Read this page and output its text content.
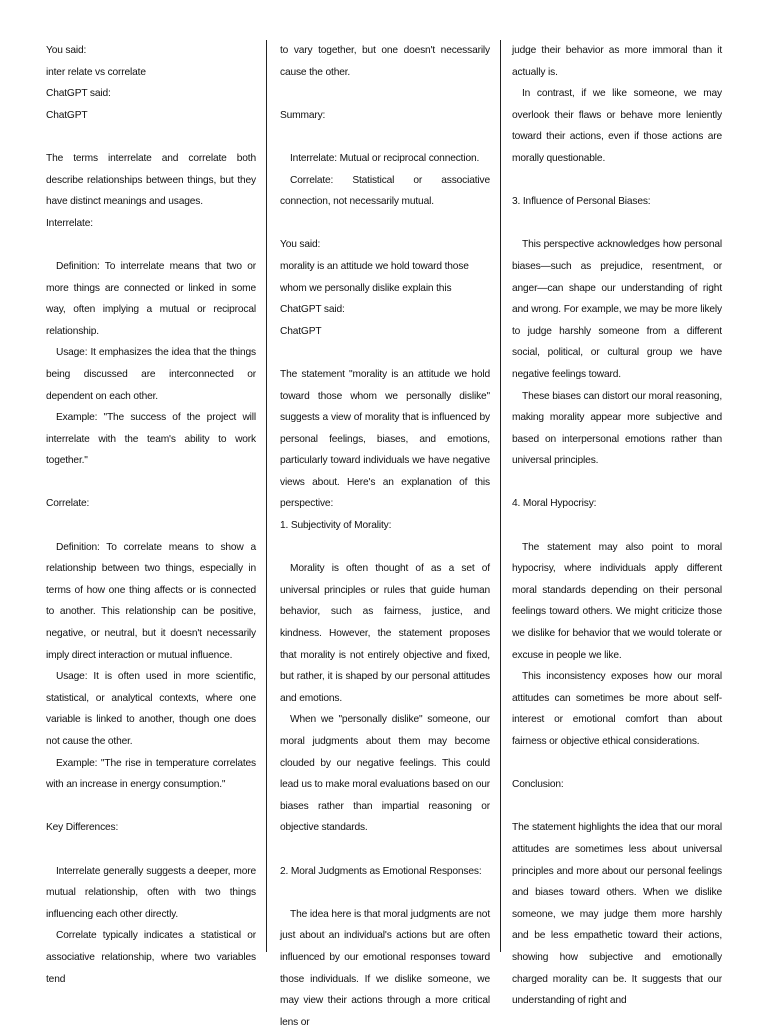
You said:

inter relate vs correlate

ChatGPT said:

ChatGPT

The terms interrelate and correlate both describe relationships between things, but they have distinct meanings and usages.

Interrelate:

Definition: To interrelate means that two or more things are connected or linked in some way, often implying a mutual or reciprocal relationship.

Usage: It emphasizes the idea that the things being discussed are interconnected or dependent on each other.

Example: "The success of the project will interrelate with the team's ability to work together."

Correlate:

Definition: To correlate means to show a relationship between two things, especially in terms of how one thing affects or is connected to another. This relationship can be positive, negative, or neutral, but it doesn't necessarily imply direct interaction or mutual influence.

Usage: It is often used in more scientific, statistical, or analytical contexts, where one variable is linked to another, though one does not cause the other.

Example: "The rise in temperature correlates with an increase in energy consumption."

Key Differences:

Interrelate generally suggests a deeper, more mutual relationship, often with two things influencing each other directly.

Correlate typically indicates a statistical or associative relationship, where two variables tend

to vary together, but one doesn't necessarily cause the other.

Summary:

Interrelate: Mutual or reciprocal connection.

Correlate: Statistical or associative connection, not necessarily mutual.

You said:

morality is an attitude we hold toward those whom we personally dislike explain this

ChatGPT said:

ChatGPT

The statement "morality is an attitude we hold toward those whom we personally dislike" suggests a view of morality that is influenced by personal feelings, biases, and emotions, particularly toward individuals we have negative views about. Here's an explanation of this perspective:

1. Subjectivity of Morality:

Morality is often thought of as a set of universal principles or rules that guide human behavior, such as fairness, justice, and kindness. However, the statement proposes that morality is not entirely objective and fixed, but rather, it is shaped by our personal attitudes and emotions.

When we "personally dislike" someone, our moral judgments about them may become clouded by our negative feelings. This could lead us to make moral evaluations based on our biases rather than impartial reasoning or objective standards.

2. Moral Judgments as Emotional Responses:

The idea here is that moral judgments are not just about an individual's actions but are often influenced by our emotional responses toward those individuals. If we dislike someone, we may view their actions through a more critical lens or

judge their behavior as more immoral than it actually is.

In contrast, if we like someone, we may overlook their flaws or behave more leniently toward their actions, even if those actions are morally questionable.

3. Influence of Personal Biases:

This perspective acknowledges how personal biases—such as prejudice, resentment, or anger—can shape our understanding of right and wrong. For example, we may be more likely to judge harshly someone from a different social, political, or cultural group we have negative feelings toward.

These biases can distort our moral reasoning, making morality appear more subjective and based on interpersonal emotions rather than universal principles.

4. Moral Hypocrisy:

The statement may also point to moral hypocrisy, where individuals apply different moral standards depending on their personal feelings toward others. We might criticize those we dislike for behavior that we would tolerate or excuse in people we like.

This inconsistency exposes how our moral attitudes can sometimes be more about self-interest or emotional comfort than about fairness or objective ethical considerations.

Conclusion:

The statement highlights the idea that our moral attitudes are sometimes less about universal principles and more about our personal feelings and biases toward others. When we dislike someone, we may judge them more harshly and be less empathetic toward their actions, showing how subjective and emotionally charged morality can be. It suggests that our understanding of right and
